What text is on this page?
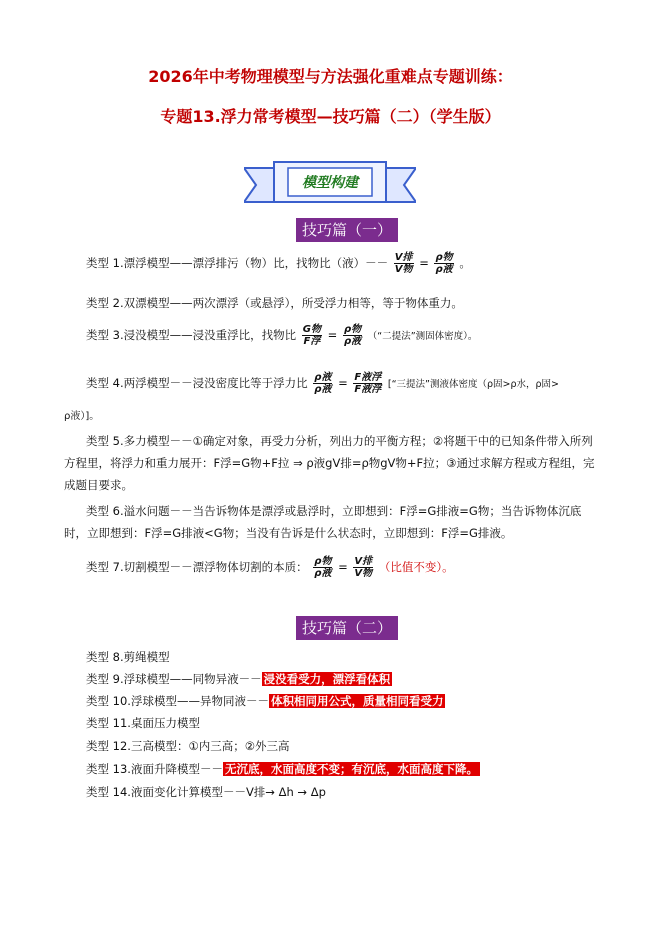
2026年中考物理模型与方法强化重难点专题训练：
专题13.浮力常考模型—技巧篇（二）（学生版）
模型构建
技巧篇（一）
类型 1.漂浮模型——漂浮排污（物）比，找物比（液）－－ $\frac{\text{V排}}{\text{V物}} = \frac{\text{ρ物}}{\text{ρ液}}$ 。
类型 2.双漂模型——两次漂浮（或悬浮），所受浮力相等，等于物体重力。
类型 3.浸没模型——浸没重浮比，找物比 $\frac{\text{G物}}{\text{F浮}} = \frac{\text{ρ物}}{\text{ρ液}}$ （“二提法”测固体密度）。
类型 4.两浮模型－－浸没密度比等于浮力比 $\frac{\text{ρ液}}{\text{ρ液}} = \frac{\text{F液浮}}{\text{F液浮}}$ [“三提法”测液体密度（ρ固>ρ水，ρ固>
ρ液）]。
类型 5.多力模型－－①确定对象，再受力分析，列出力的平衡方程；②将题干中的已知条件带入所列方程里，将浮力和重力展开：F浮=G物+F拉 ⇒ ρ液gV排=ρ物gV物+F拉；③通过求解方程或方程组，完成题目要求。
类型 6.溢水问题－－当告诉物体是漂浮或悬浮时，立即想到：F浮=G排液=G物；当告诉物体沉底时，立即想到：F浮=G排液<G物；当没有告诉是什么状态时，立即想到：F浮=G排液。
类型 7.切割模型－－漂浮物体切割的本质： $\frac{\text{ρ物}}{\text{ρ液}} = \frac{\text{V排}}{\text{V物}}$ （比值不变）。
技巧篇（二）
类型 8.剪绳模型
类型 9.浮球模型——同物异液－－ 浸没看受力，漂浮看体积
类型 10.浮球模型——异物同液－－ 体积相同用公式，质量相同看受力
类型 11.桌面压力模型
类型 12.三高模型：①内三高；②外三高
类型 13.液面升降模型－－ 无沉底，水面高度不变；有沉底，水面高度下降。
类型 14.液面变化计算模型－－V排→ Δh → Δp
